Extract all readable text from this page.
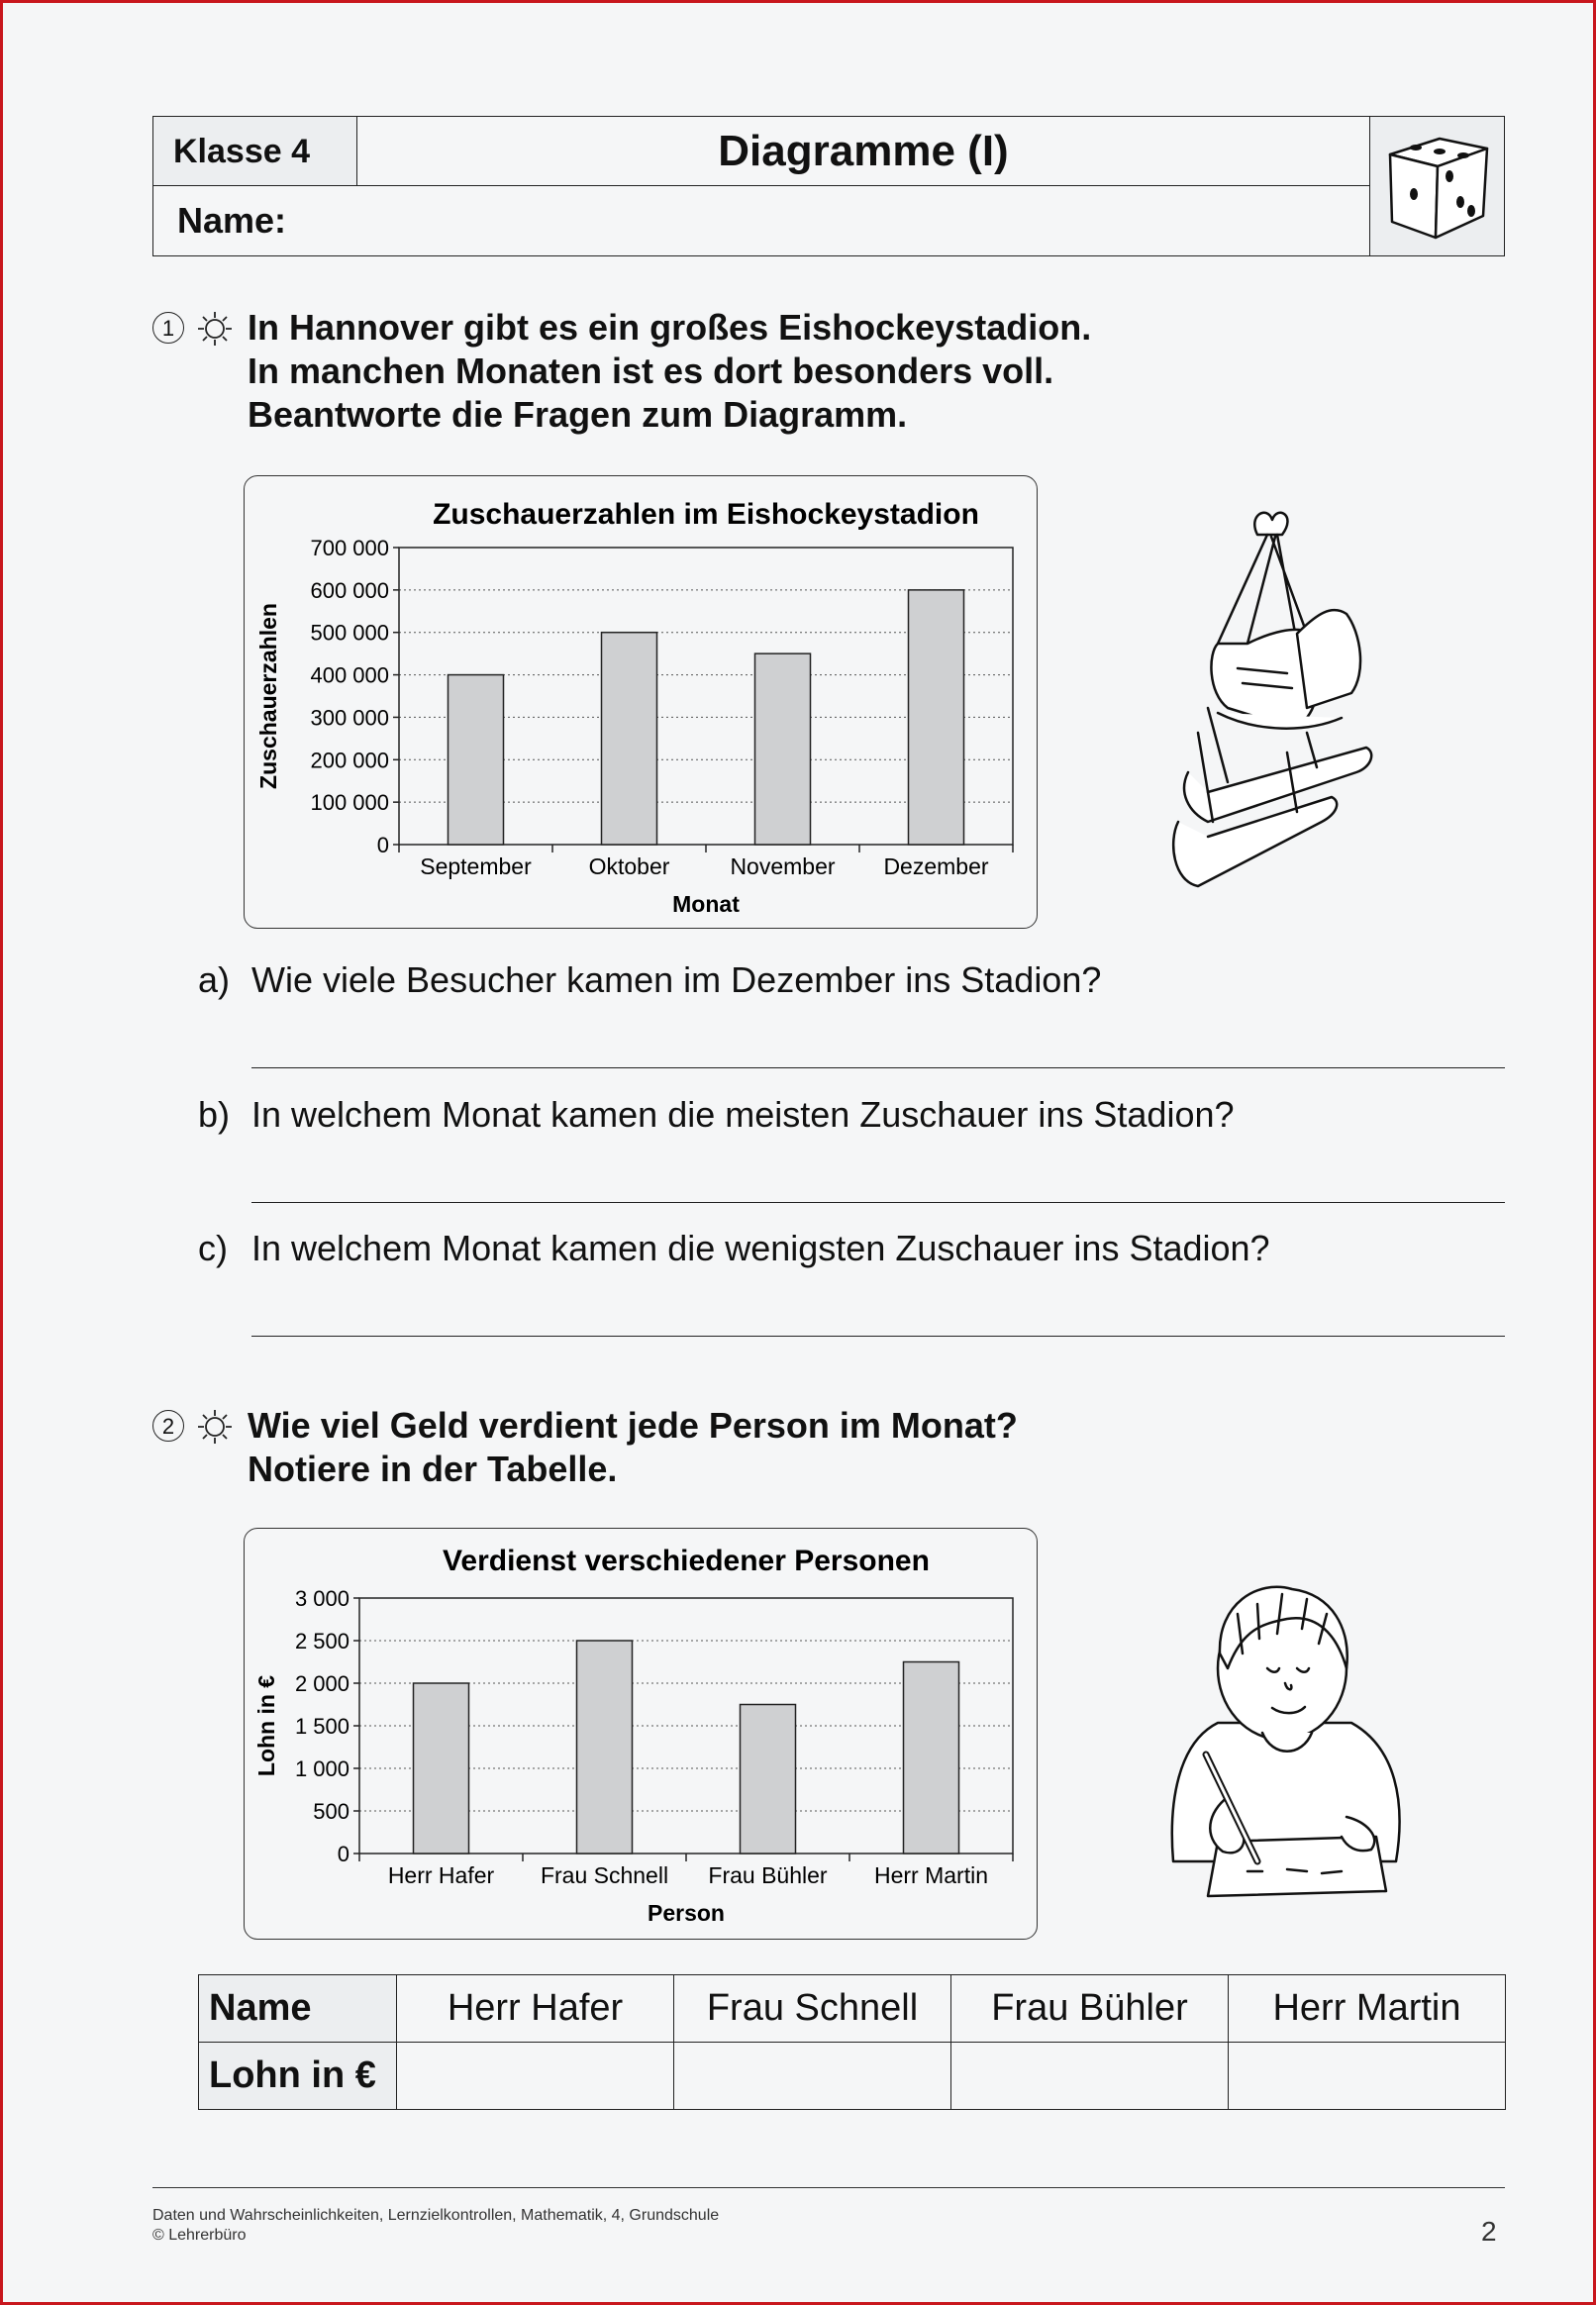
Klasse 4	Diagramme (I)
Name:
1 In Hannover gibt es ein großes Eishockeystadion.
In manchen Monaten ist es dort besonders voll.
Beantworte die Fragen zum Diagramm.
Zuschauerzahlen im Eishockeystadion
0
100 000
200 000
300 000
400 000
500 000
600 000
700 000
September	Oktober	November Dezember
Monat
Zuschauerzahlen
a) Wie viele Besucher kamen im Dezember ins Stadion?
b) In welchem Monat kamen die meisten Zuschauer ins Stadion?
c) In welchem Monat kamen die wenigsten Zuschauer ins Stadion?
2 Wie viel Geld verdient jede Person im Monat?
Notiere in der Tabelle.
Verdienst verschiedener Personen
0
500
1 000
1 500
2 000
2 500
3 000
Herr Hafer Frau Schnell Frau Bühler Herr Martin
Person
Lohn in €
Name	Herr Hafer	Frau Schnell	Frau Bühler	Herr Martin
Lohn in €				
Daten und Wahrscheinlichkeiten, Lernzielkontrollen, Mathematik, 4, Grundschule
© Lehrerbüro	2
